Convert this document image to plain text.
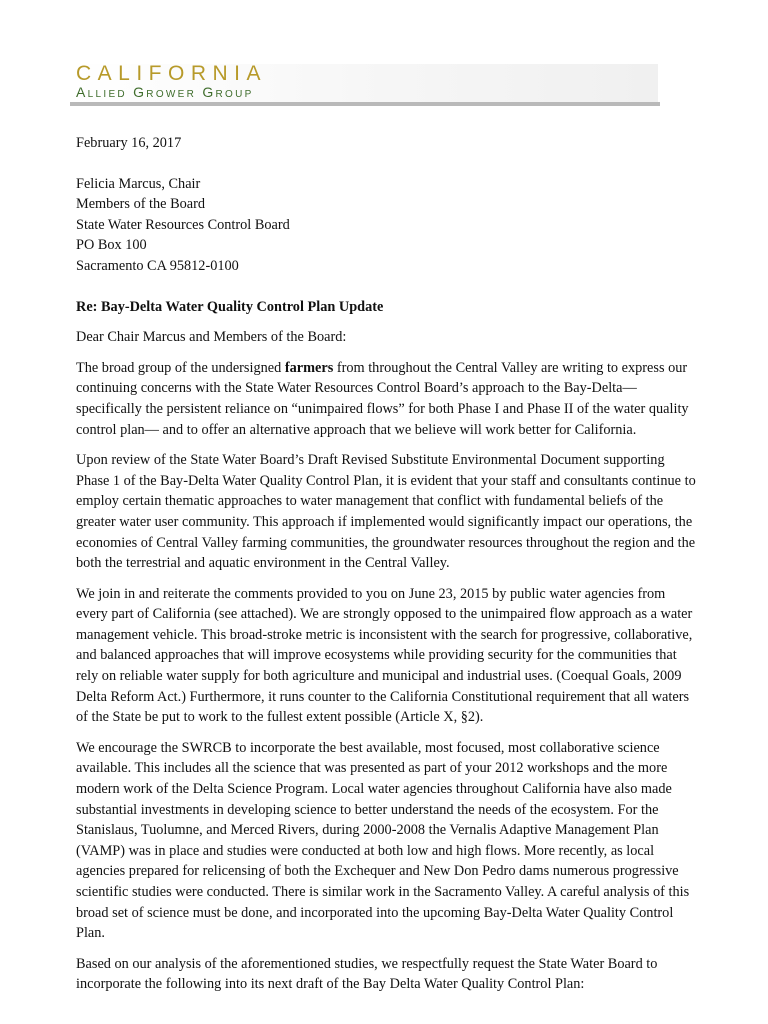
CALIFORNIA
Allied Grower Group
February 16, 2017
Felicia Marcus, Chair
Members of the Board
State Water Resources Control Board
PO Box 100
Sacramento CA 95812-0100
Re: Bay-Delta Water Quality Control Plan Update
Dear Chair Marcus and Members of the Board:

The broad group of the undersigned farmers from throughout the Central Valley are writing to express our continuing concerns with the State Water Resources Control Board’s approach to the Bay-Delta— specifically the persistent reliance on “unimpaired flows” for both Phase I and Phase II of the water quality control plan— and to offer an alternative approach that we believe will work better for California.

Upon review of the State Water Board’s Draft Revised Substitute Environmental Document supporting Phase 1 of the Bay-Delta Water Quality Control Plan, it is evident that your staff and consultants continue to employ certain thematic approaches to water management that conflict with fundamental beliefs of the greater water user community. This approach if implemented would significantly impact our operations, the economies of Central Valley farming communities, the groundwater resources throughout the region and the both the terrestrial and aquatic environment in the Central Valley.

We join in and reiterate the comments provided to you on June 23, 2015 by public water agencies from every part of California (see attached). We are strongly opposed to the unimpaired flow approach as a water management vehicle. This broad-stroke metric is inconsistent with the search for progressive, collaborative, and balanced approaches that will improve ecosystems while providing security for the communities that rely on reliable water supply for both agriculture and municipal and industrial uses. (Coequal Goals, 2009 Delta Reform Act.) Furthermore, it runs counter to the California Constitutional requirement that all waters of the State be put to work to the fullest extent possible (Article X, §2).

We encourage the SWRCB to incorporate the best available, most focused, most collaborative science available. This includes all the science that was presented as part of your 2012 workshops and the more modern work of the Delta Science Program. Local water agencies throughout California have also made substantial investments in developing science to better understand the needs of the ecosystem. For the Stanislaus, Tuolumne, and Merced Rivers, during 2000-2008 the Vernalis Adaptive Management Plan (VAMP) was in place and studies were conducted at both low and high flows. More recently, as local agencies prepared for relicensing of both the Exchequer and New Don Pedro dams numerous progressive scientific studies were conducted. There is similar work in the Sacramento Valley. A careful analysis of this broad set of science must be done, and incorporated into the upcoming Bay-Delta Water Quality Control Plan.

Based on our analysis of the aforementioned studies, we respectfully request the State Water Board to incorporate the following into its next draft of the Bay Delta Water Quality Control Plan:
